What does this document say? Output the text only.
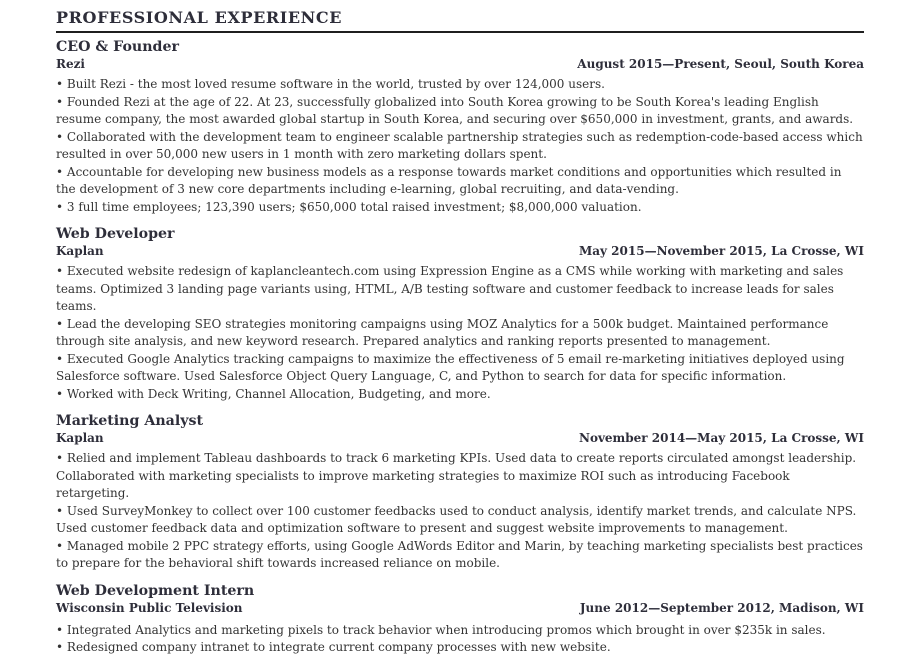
PROFESSIONAL EXPERIENCE
CEO & Founder
Rezi	August 2015—Present, Seoul, South Korea
• Built Rezi - the most loved resume software in the world, trusted by over 124,000 users.
• Founded Rezi at the age of 22. At 23, successfully globalized into South Korea growing to be South Korea's leading English resume company, the most awarded global startup in South Korea, and securing over $650,000 in investment, grants, and awards.
• Collaborated with the development team to engineer scalable partnership strategies such as redemption-code-based access which resulted in over 50,000 new users in 1 month with zero marketing dollars spent.
• Accountable for developing new business models as a response towards market conditions and opportunities which resulted in the development of 3 new core departments including e-learning, global recruiting, and data-vending.
• 3 full time employees; 123,390 users; $650,000 total raised investment; $8,000,000 valuation.
Web Developer
Kaplan	May 2015—November 2015, La Crosse, WI
• Executed website redesign of kaplancleantech.com using Expression Engine as a CMS while working with marketing and sales teams. Optimized 3 landing page variants using, HTML, A/B testing software and customer feedback to increase leads for sales teams.
• Lead the developing SEO strategies monitoring campaigns using MOZ Analytics for a 500k budget. Maintained performance through site analysis, and new keyword research. Prepared analytics and ranking reports presented to management.
• Executed Google Analytics tracking campaigns to maximize the effectiveness of 5 email re-marketing initiatives deployed using Salesforce software. Used Salesforce Object Query Language, C, and Python to search for data for specific information.
• Worked with Deck Writing, Channel Allocation, Budgeting, and more.
Marketing Analyst
Kaplan	November 2014—May 2015, La Crosse, WI
• Relied and implement Tableau dashboards to track 6 marketing KPIs. Used data to create reports circulated amongst leadership. Collaborated with marketing specialists to improve marketing strategies to maximize ROI such as introducing Facebook retargeting.
• Used SurveyMonkey to collect over 100 customer feedbacks used to conduct analysis, identify market trends, and calculate NPS. Used customer feedback data and optimization software to present and suggest website improvements to management.
• Managed mobile 2 PPC strategy efforts, using Google AdWords Editor and Marin, by teaching marketing specialists best practices to prepare for the behavioral shift towards increased reliance on mobile.
Web Development Intern
Wisconsin Public Television	June 2012—September 2012, Madison, WI
• Integrated Analytics and marketing pixels to track behavior when introducing promos which brought in over $235k in sales.
• Redesigned company intranet to integrate current company processes with new website.
